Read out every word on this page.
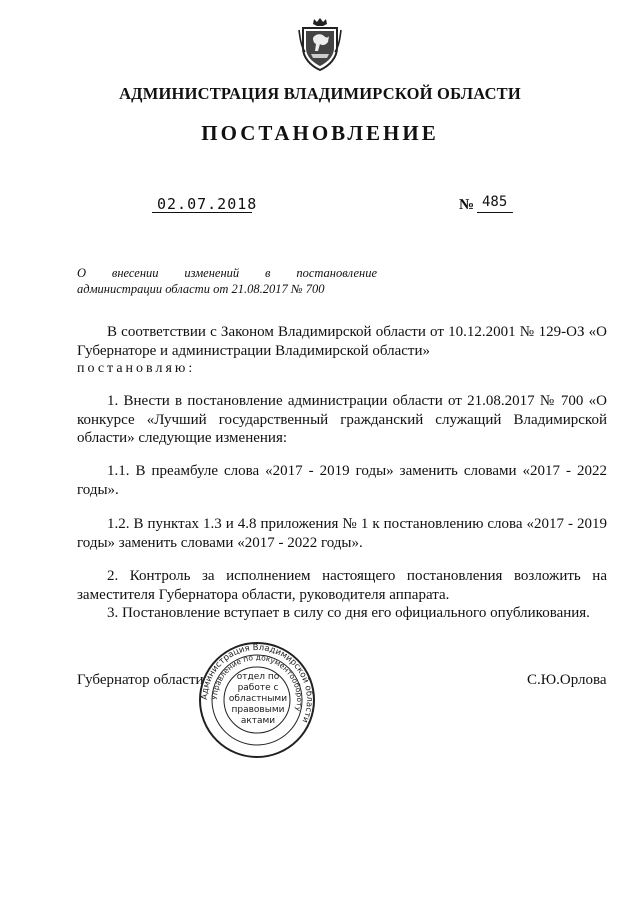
АДМИНИСТРАЦИЯ ВЛАДИМИРСКОЙ ОБЛАСТИ
ПОСТАНОВЛЕНИЕ
02.07.2018	№ 485
О внесении изменений в постановление
администрации области от 21.08.2017 № 700
В соответствии с Законом Владимирской области от 10.12.2001 № 129-ОЗ «О Губернаторе и администрации Владимирской области»
постановляю:
1. Внести в постановление администрации области от 21.08.2017 № 700 «О конкурсе «Лучший государственный гражданский служащий Владимирской области» следующие изменения:
1.1. В преамбуле слова «2017 - 2019 годы» заменить словами «2017 - 2022 годы».
1.2. В пунктах 1.3 и 4.8 приложения № 1 к постановлению слова «2017 - 2019 годы» заменить словами «2017 - 2022 годы».
2. Контроль за исполнением настоящего постановления возложить на заместителя Губернатора области, руководителя аппарата.
3. Постановление вступает в силу со дня его официального опубликования.
Губернатор области	С.Ю.Орлова
Администрация Владимирской области
Управление по документообороту
отдел по работе с областными правовыми актами
